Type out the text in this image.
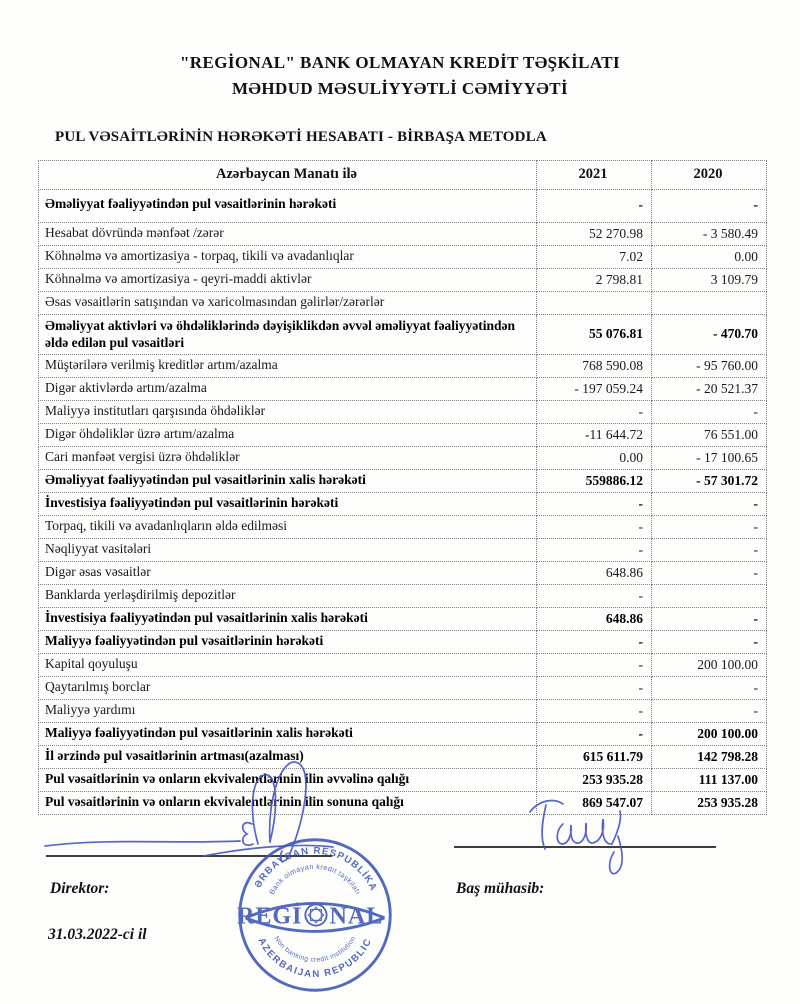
"REGİONAL" BANK OLMAYAN KREDİT TƏŞKİLATI
MƏHDUD MƏSULİYYƏTLİ CƏMİYYƏTİ
PUL VƏSAİTLƏRİNİN HƏRƏKƏTİ HESABATI - BİRBAŞA METODLA
Azərbaycan Manatı ilə	2021	2020
Əməliyyat fəaliyyətindən pul vəsaitlərinin hərəkəti	-	-
Hesabat dövründə mənfəət /zərər	52 270.98	- 3 580.49
Köhnəlmə və amortizasiya - torpaq, tikili və avadanlıqlar	7.02	0.00
Köhnəlmə və amortizasiya - qeyri-maddi aktivlər	2 798.81	3 109.79
Əsas vəsaitlərin satışından və xaricolmasından gəlirlər/zərərlər		
Əməliyyat aktivləri və öhdəliklərində dəyişiklikdən əvvəl əməliyyat fəaliyyətindən əldə edilən pul vəsaitləri	55 076.81	- 470.70
Müştərilərə verilmiş kreditlər artım/azalma	768 590.08	- 95 760.00
Digər aktivlərdə artım/azalma	- 197 059.24	- 20 521.37
Maliyyə institutları qarşısında öhdəliklər	-	-
Digər öhdəliklər üzrə artım/azalma	-11 644.72	76 551.00
Cari mənfəət vergisi üzrə öhdəliklər	0.00	- 17 100.65
Əməliyyat fəaliyyətindən pul vəsaitlərinin xalis hərəkəti	559886.12	- 57 301.72
İnvestisiya fəaliyyətindən pul vəsaitlərinin hərəkəti	-	-
Torpaq, tikili və avadanlıqların əldə edilməsi	-	-
Nəqliyyat vasitələri	-	-
Digər əsas vəsaitlər	648.86	-
Banklarda yerləşdirilmiş depozitlər	-	
İnvestisiya fəaliyyətindən pul vəsaitlərinin xalis hərəkəti	648.86	-
Maliyyə fəaliyyətindən pul vəsaitlərinin hərəkəti	-	-
Kapital qoyuluşu	-	200 100.00
Qaytarılmış borclar	-	-
Maliyyə yardımı	-	-
Maliyyə fəaliyyətindən pul vəsaitlərinin xalis hərəkəti	-	200 100.00
İl ərzində pul vəsaitlərinin artması(azalması)	615 611.79	142 798.28
Pul vəsaitlərinin və onların ekvivalentlərinin ilin əvvəlinə qalığı	253 935.28	111 137.00
Pul vəsaitlərinin və onların ekvivalentlərinin ilin sonuna qalığı	869 547.07	253 935.28
AZƏRBAYCAN RESPUBLİKASI
Bank olmayan kredit təşkilatı
Non banking credit institution
AZERBAIJAN REPUBLIC
REGİ NAL
Direktor:
31.03.2022-ci il
Baş mühasib:
